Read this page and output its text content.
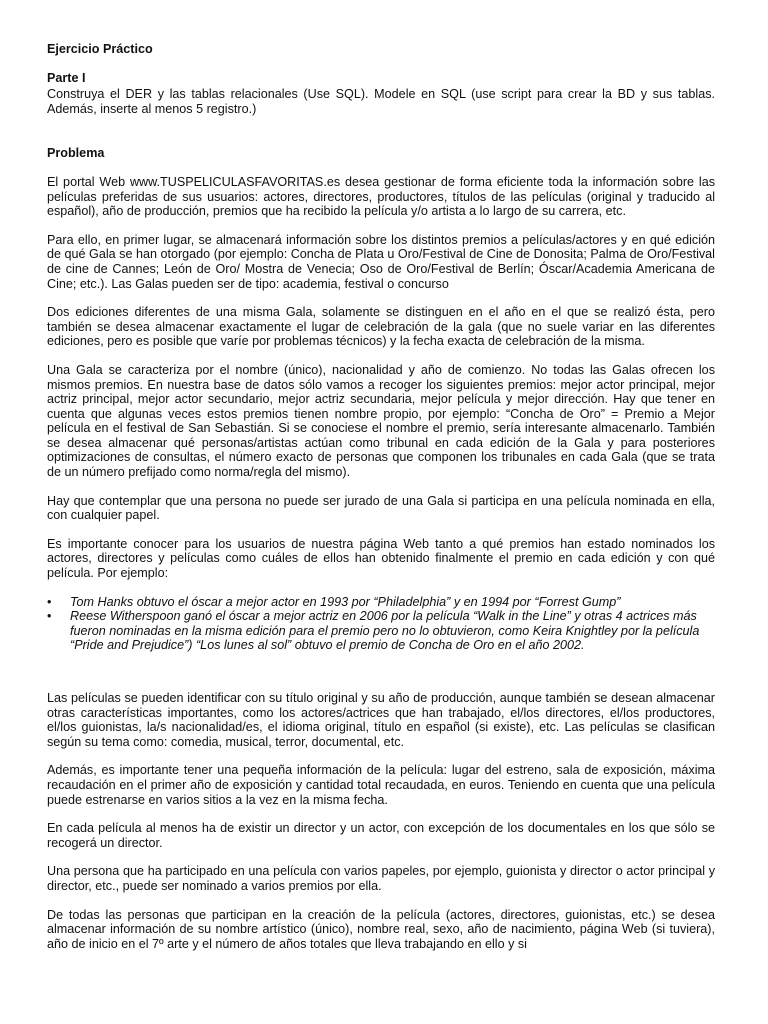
Ejercicio Práctico
Parte I

Construya el DER y las tablas relacionales (Use SQL). Modele en SQL (use script para crear la BD y sus tablas. Además, inserte al menos 5 registro.)

Problema

El portal Web www.TUSPELICULASFAVORITAS.es desea gestionar de forma eficiente toda la información sobre las películas preferidas de sus usuarios: actores, directores, productores, títulos de las películas (original y traducido al español), año de producción, premios que ha recibido la película y/o artista a lo largo de su carrera, etc.

Para ello, en primer lugar, se almacenará información sobre los distintos premios a películas/actores y en qué edición de qué Gala se han otorgado (por ejemplo: Concha de Plata u Oro/Festival de Cine de Donosita; Palma de Oro/Festival de cine de Cannes; León de Oro/ Mostra de Venecia; Oso de Oro/Festival de Berlín; Óscar/Academia Americana de Cine; etc.). Las Galas pueden ser de tipo: academia, festival o concurso

Dos ediciones diferentes de una misma Gala, solamente se distinguen en el año en el que se realizó ésta, pero también se desea almacenar exactamente el lugar de celebración de la gala (que no suele variar en las diferentes ediciones, pero es posible que varíe por problemas técnicos) y la fecha exacta de celebración de la misma.

Una Gala se caracteriza por el nombre (único), nacionalidad y año de comienzo. No todas las Galas ofrecen los mismos premios. En nuestra base de datos sólo vamos a recoger los siguientes premios: mejor actor principal, mejor actriz principal, mejor actor secundario, mejor actriz secundaria, mejor película y mejor dirección. Hay que tener en cuenta que algunas veces estos premios tienen nombre propio, por ejemplo: “Concha de Oro” = Premio a Mejor película en el festival de San Sebastián. Si se conociese el nombre el premio, sería interesante almacenarlo. También se desea almacenar qué personas/artistas actúan como tribunal en cada edición de la Gala y para posteriores optimizaciones de consultas, el número exacto de personas que componen los tribunales en cada Gala (que se trata de un número prefijado como norma/regla del mismo).

Hay que contemplar que una persona no puede ser jurado de una Gala si participa en una película nominada en ella, con cualquier papel.

Es importante conocer para los usuarios de nuestra página Web tanto a qué premios han estado nominados los actores, directores y películas como cuáles de ellos han obtenido finalmente el premio en cada edición y con qué película. Por ejemplo:

• Tom Hanks obtuvo el óscar a mejor actor en 1993 por “Philadelphia” y en 1994 por “Forrest Gump”
• Reese Witherspoon ganó el óscar a mejor actriz en 2006 por la película “Walk in the Line” y otras 4 actrices más fueron nominadas en la misma edición para el premio pero no lo obtuvieron, como Keira Knightley por la película “Pride and Prejudice”) “Los lunes al sol” obtuvo el premio de Concha de Oro en el año 2002.

Las películas se pueden identificar con su título original y su año de producción, aunque también se desean almacenar otras características importantes, como los actores/actrices que han trabajado, el/los directores, el/los productores, el/los guionistas, la/s nacionalidad/es, el idioma original, título en español (si existe), etc. Las películas se clasifican según su tema como: comedia, musical, terror, documental, etc.

Además, es importante tener una pequeña información de la película: lugar del estreno, sala de exposición, máxima recaudación en el primer año de exposición y cantidad total recaudada, en euros. Teniendo en cuenta que una película puede estrenarse en varios sitios a la vez en la misma fecha.

En cada película al menos ha de existir un director y un actor, con excepción de los documentales en los que sólo se recogerá un director.

Una persona que ha participado en una película con varios papeles, por ejemplo, guionista y director o actor principal y director, etc., puede ser nominado a varios premios por ella.

De todas las personas que participan en la creación de la película (actores, directores, guionistas, etc.) se desea almacenar información de su nombre artístico (único), nombre real, sexo, año de nacimiento, página Web (si tuviera), año de inicio en el 7º arte y el número de años totales que lleva trabajando en ello y si
